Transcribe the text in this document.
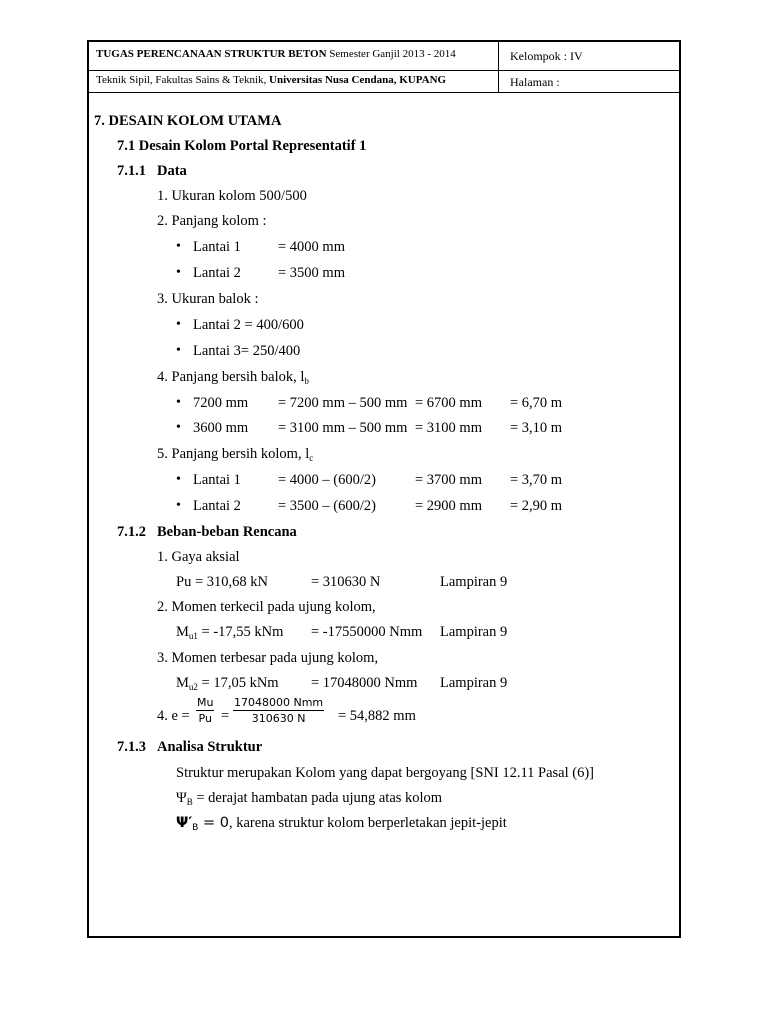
TUGAS PERENCANAAN STRUKTUR BETON Semester Ganjil 2013 - 2014	Kelompok : IV
Teknik Sipil, Fakultas Sains & Teknik, Universitas Nusa Cendana, KUPANG	Halaman :
7. DESAIN KOLOM UTAMA
7.1 Desain Kolom Portal Representatif 1
7.1.1 Data
1. Ukuran kolom 500/500
2. Panjang kolom :
• Lantai 1	= 4000 mm
• Lantai 2	= 3500 mm
3. Ukuran balok :
• Lantai 2 = 400/600
• Lantai 3= 250/400
4. Panjang bersih balok, $l_b$
• 7200 mm = 7200 mm – 500 mm = 6700 mm = 6,70 m
• 3600 mm = 3100 mm – 500 mm = 3100 mm = 3,10 m
5. Panjang bersih kolom, $l_c$
• Lantai 1	= 4000 – (600/2)	= 3700 mm = 3,70 m
• Lantai 2	= 3500 – (600/2)	= 2900 mm = 2,90 m
7.1.2 Beban-beban Rencana
1. Gaya aksial
Pu = 310,68 kN	= 310630 N	Lampiran 9
2. Momen terkecil pada ujung kolom,
$M_{u1} = -17,55$ kNm = -17550000 Nmm Lampiran 9
3. Momen terbesar pada ujung kolom,
$M_{u2} = 17,05$ kNm = 17048000 Nmm Lampiran 9
4. $e = \frac{Mu}{Pu}$ =
17048000 Nmm
310630 N	= 54,882 mm
7.1.3 Analisa Struktur
Struktur merupakan Kolom yang dapat bergoyang [SNI 12.11 Pasal (6)]
$\Psi_B$ = derajat hambatan pada ujung atas kolom
$\Psi'_B = 0$, karena struktur kolom berperletakan jepit-jepit
